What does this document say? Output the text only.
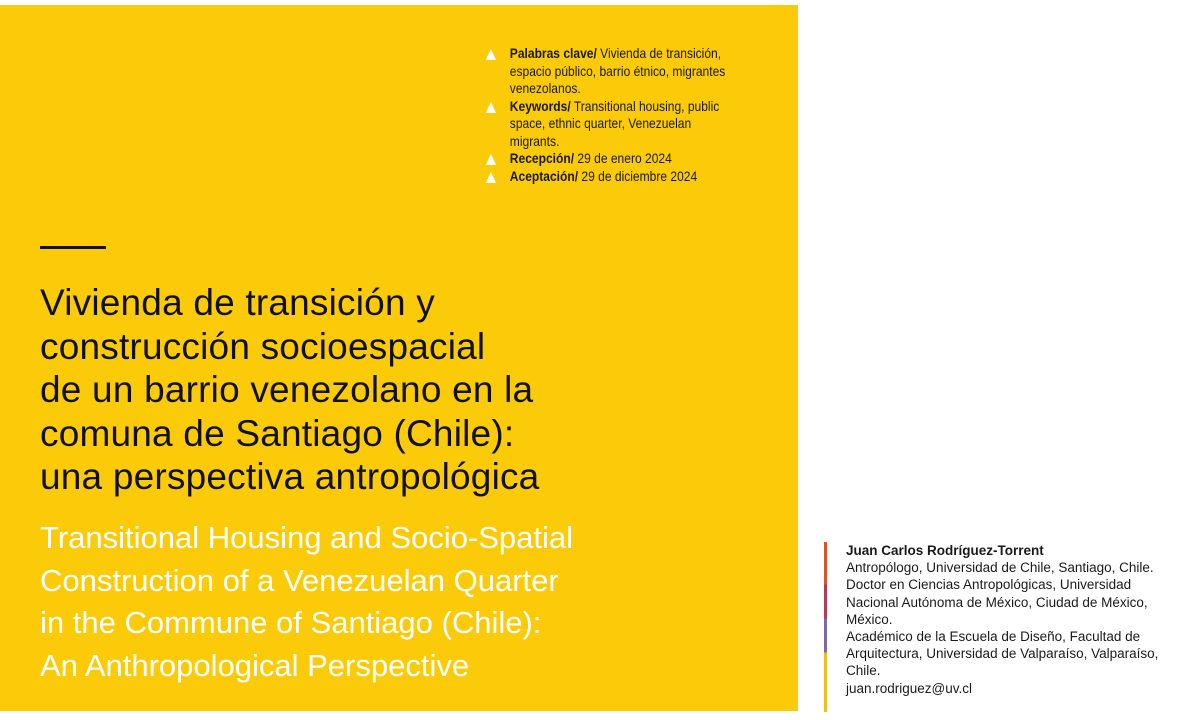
Palabras clave/ Vivienda de transición,
espacio público, barrio étnico, migrantes
venezolanos.
Keywords/ Transitional housing, public
space, ethnic quarter, Venezuelan migrants.
Recepción/ 29 de enero 2024
Aceptación/ 29 de diciembre 2024
Vivienda de transición y
construcción socioespacial
de un barrio venezolano en la
comuna de Santiago (Chile):
una perspectiva antropológica
Transitional Housing and Socio-Spatial
Construction of a Venezuelan Quarter
in the Commune of Santiago (Chile):
An Anthropological Perspective
Juan Carlos Rodríguez-Torrent
Antropólogo, Universidad de Chile, Santiago, Chile.
Doctor en Ciencias Antropológicas, Universidad
Nacional Autónoma de México, Ciudad de México,
México.
Académico de la Escuela de Diseño, Facultad de
Arquitectura, Universidad de Valparaíso, Valparaíso,
Chile.
juan.rodriguez@uv.cl
